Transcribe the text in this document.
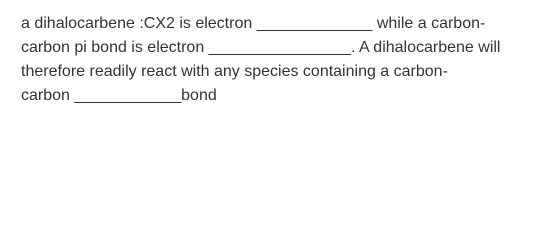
a dihalocarbene :CX2 is electron _____________ while a carbon-
carbon pi bond is electron ________________. A dihalocarbene will
therefore readily react with any species containing a carbon-
carbon ____________bond
